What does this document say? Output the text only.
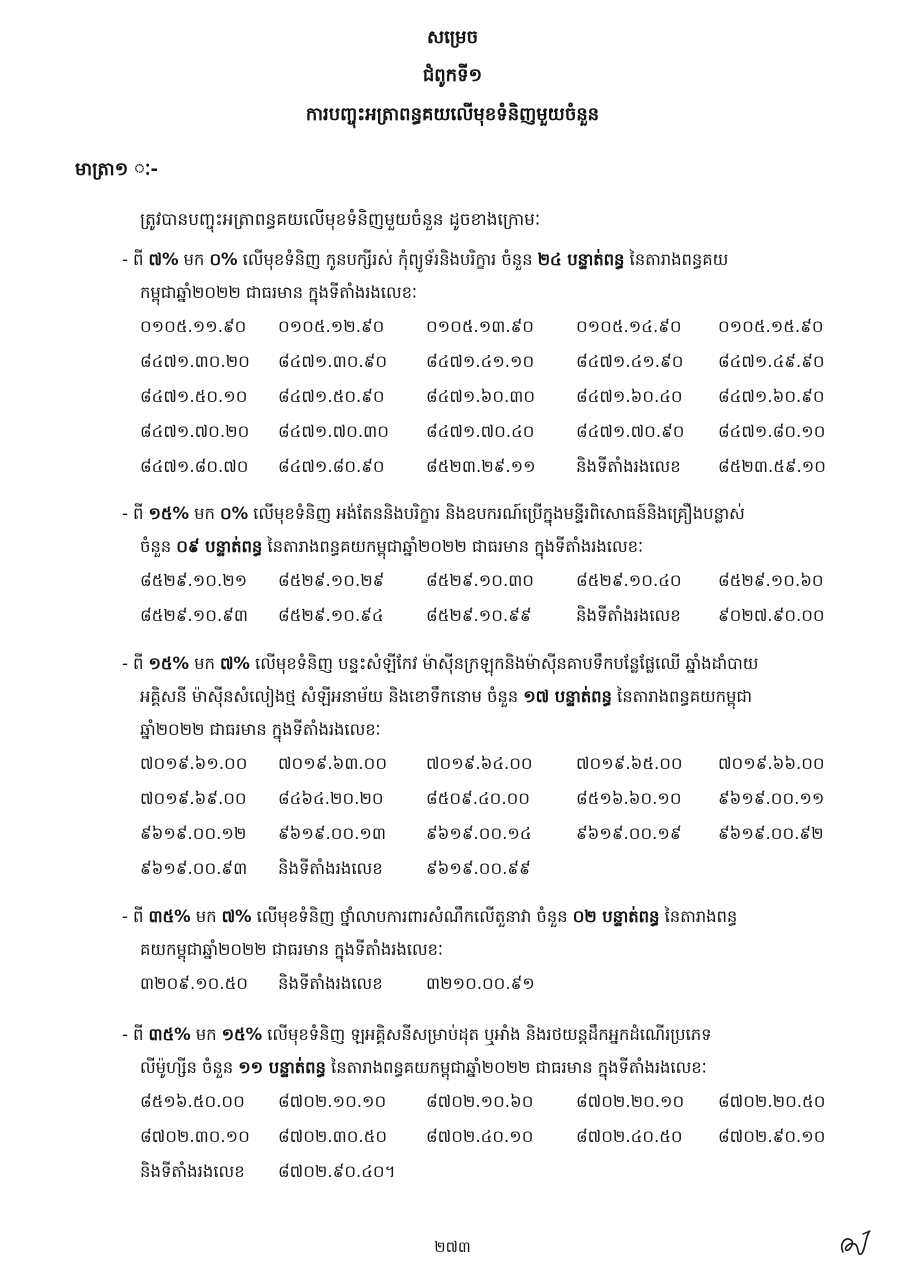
សម្រេច
ជំពូកទី១
ការបញ្ចុះអត្រាពន្ធគយលើមុខទំនិញមួយចំនួន
មាត្រា១ ៈ-
ត្រូវបានបញ្ចុះអត្រាពន្ធគយលើមុខទំនិញមួយចំនួន ដូចខាងក្រោមៈ
- ពី ៧% មក ០% លើមុខទំនិញ កូនបក្សីរស់ កុំព្យូទ័រនិងបរិក្ខារ ចំនួន ២៤ បន្ទាត់ពន្ធ នៃតារាងពន្ធគយ
កម្ពុជាឆ្នាំ២០២២ ជាធរមាន ក្នុងទីតាំងរងលេខៈ
០១០៥.១១.៩០	០១០៥.១២.៩០	០១០៥.១៣.៩០	០១០៥.១៤.៩០	០១០៥.១៥.៩០
៨៤៧១.៣០.២០	៨៤៧១.៣០.៩០	៨៤៧១.៤១.១០	៨៤៧១.៤១.៩០	៨៤៧១.៤៩.៩០
៨៤៧១.៥០.១០	៨៤៧១.៥០.៩០	៨៤៧១.៦០.៣០	៨៤៧១.៦០.៤០	៨៤៧១.៦០.៩០
៨៤៧១.៧០.២០	៨៤៧១.៧០.៣០	៨៤៧១.៧០.៤០	៨៤៧១.៧០.៩០	៨៤៧១.៨០.១០
៨៤៧១.៨០.៧០	៨៤៧១.៨០.៩០	៨៥២៣.២៩.១១	និងទីតាំងរងលេខ	៨៥២៣.៥៩.១០
- ពី ១៥% មក ០% លើមុខទំនិញ អង់តែននិងបរិក្ខារ និងឧបករណ៍ប្រើក្នុងមន្ទីរពិសោធន៍និងគ្រឿងបន្លាស់
ចំនួន ០៩ បន្ទាត់ពន្ធ នៃតារាងពន្ធគយកម្ពុជាឆ្នាំ២០២២ ជាធរមាន ក្នុងទីតាំងរងលេខៈ
៨៥២៩.១០.២១	៨៥២៩.១០.២៩	៨៥២៩.១០.៣០	៨៥២៩.១០.៤០	៨៥២៩.១០.៦០
៨៥២៩.១០.៩៣	៨៥២៩.១០.៩៤	៨៥២៩.១០.៩៩	និងទីតាំងរងលេខ	៩០២៧.៩០.០០
- ពី ១៥% មក ៧% លើមុខទំនិញ បន្ទះសំឡីកែវ ម៉ាស៊ីនក្រឡុកនិងម៉ាស៊ីនគាបទឹកបន្លែផ្លែឈើ ឆ្នាំងដាំបាយ
អគ្គិសនី ម៉ាស៊ីនសំលៀងថ្ម សំឡីអនាម័យ និងខោទឹកនោម ចំនួន ១៧ បន្ទាត់ពន្ធ នៃតារាងពន្ធគយកម្ពុជា
ឆ្នាំ២០២២ ជាធរមាន ក្នុងទីតាំងរងលេខៈ
៧០១៩.៦១.០០	៧០១៩.៦៣.០០	៧០១៩.៦៤.០០	៧០១៩.៦៥.០០	៧០១៩.៦៦.០០
៧០១៩.៦៩.០០	៨៤៦៤.២០.២០	៨៥០៩.៤០.០០	៨៥១៦.៦០.១០	៩៦១៩.០០.១១
៩៦១៩.០០.១២	៩៦១៩.០០.១៣	៩៦១៩.០០.១៤	៩៦១៩.០០.១៩	៩៦១៩.០០.៩២
៩៦១៩.០០.៩៣	និងទីតាំងរងលេខ	៩៦១៩.០០.៩៩
- ពី ៣៥% មក ៧% លើមុខទំនិញ ថ្នាំលាបការពារសំណឹកលើតួនាវា ចំនួន ០២ បន្ទាត់ពន្ធ នៃតារាងពន្ធ
គយកម្ពុជាឆ្នាំ២០២២ ជាធរមាន ក្នុងទីតាំងរងលេខៈ
៣២០៩.១០.៥០	និងទីតាំងរងលេខ	៣២១០.០០.៩១
- ពី ៣៥% មក ១៥% លើមុខទំនិញ ឡអគ្គិសនីសម្រាប់ដុត ឬអាំង និងរថយន្តដឹកអ្នកដំណើរប្រភេទ
លីម៉ូហ្សីន ចំនួន ១១ បន្ទាត់ពន្ធ នៃតារាងពន្ធគយកម្ពុជាឆ្នាំ២០២២ ជាធរមាន ក្នុងទីតាំងរងលេខៈ
៨៥១៦.៥០.០០	៨៧០២.១០.១០	៨៧០២.១០.៦០	៨៧០២.២០.១០	៨៧០២.២០.៥០
៨៧០២.៣០.១០	៨៧០២.៣០.៥០	៨៧០២.៤០.១០	៨៧០២.៤០.៥០	៨៧០២.៩០.១០
និងទីតាំងរងលេខ	៨៧០២.៩០.៤០។
២៧៣
